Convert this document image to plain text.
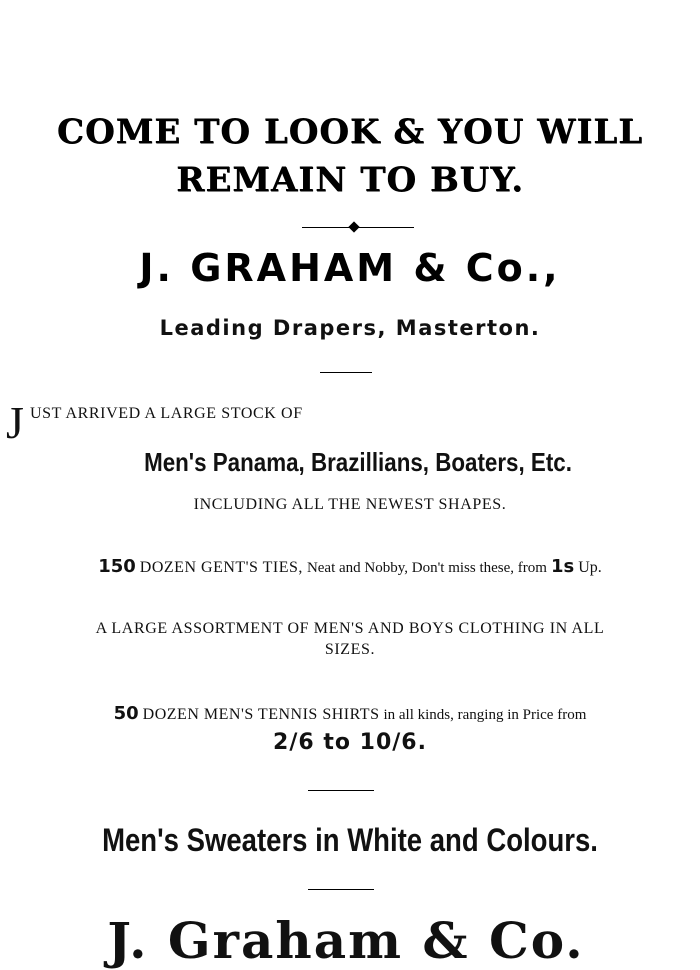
COME TO LOOK & YOU WILL
REMAIN TO BUY.
J. GRAHAM & Co.,
Leading Drapers, Masterton.
J UST ARRIVED A LARGE STOCK OF
Men's Panama, Brazillians, Boaters, Etc.
INCLUDING ALL THE NEWEST SHAPES.
150 DOZEN GENT'S TIES, Neat and Nobby, Don't miss these, from 1s Up.
A LARGE ASSORTMENT OF MEN'S AND BOYS CLOTHING IN ALL
SIZES.
50 DOZEN MEN'S TENNIS SHIRTS in all kinds, ranging in Price from
2/6 to 10/6.
Men's Sweaters in White and Colours.
J. Graham & Co.
